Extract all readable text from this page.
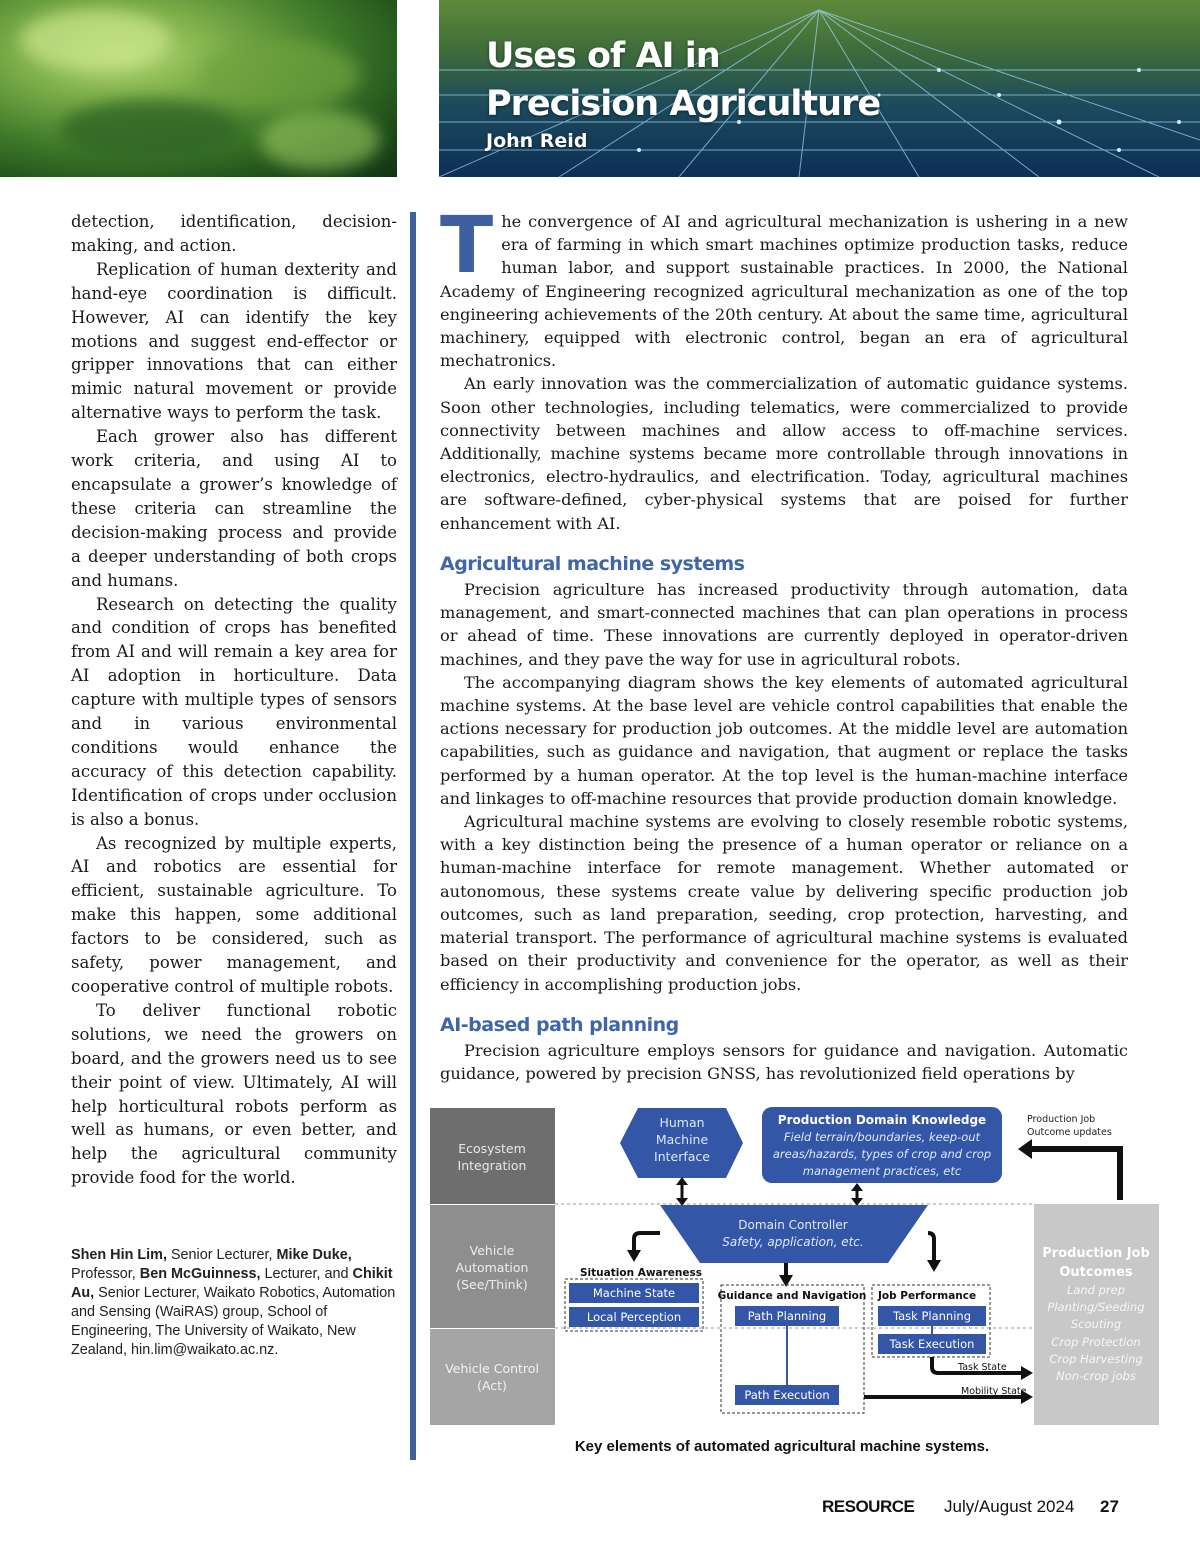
Uses of AI in
Precision Agriculture
John Reid

detection, identification, decision-making, and action.

Replication of human dexterity and hand-eye coordination is difficult. However, AI can identify the key motions and suggest end-effector or gripper innovations that can either mimic natural movement or provide alternative ways to perform the task.

Each grower also has different work criteria, and using AI to encapsulate a grower’s knowledge of these criteria can streamline the decision-making process and provide a deeper understanding of both crops and humans.

Research on detecting the quality and condition of crops has benefited from AI and will remain a key area for AI adoption in horticulture. Data capture with multiple types of sensors and in various environmental conditions would enhance the accuracy of this detection capability. Identification of crops under occlusion is also a bonus.

As recognized by multiple experts, AI and robotics are essential for efficient, sustainable agriculture. To make this happen, some additional factors to be considered, such as safety, power management, and cooperative control of multiple robots.

To deliver functional robotic solutions, we need the growers on board, and the growers need us to see their point of view. Ultimately, AI will help horticultural robots perform as well as humans, or even better, and help the agricultural community provide food for the world.

Shen Hin Lim, Senior Lecturer, Mike Duke, Professor, Ben McGuinness, Lecturer, and Chikit Au, Senior Lecturer, Waikato Robotics, Automation and Sensing (WaiRAS) group, School of Engineering, The University of Waikato, New Zealand, hin.lim@waikato.ac.nz.

The convergence of AI and agricultural mechanization is ushering in a new era of farming in which smart machines optimize production tasks, reduce human labor, and support sustainable practices. In 2000, the National Academy of Engineering recognized agricultural mechanization as one of the top engineering achievements of the 20th century. At about the same time, agricultural machinery, equipped with electronic control, began an era of agricultural mechatronics.

An early innovation was the commercialization of automatic guidance systems. Soon other technologies, including telematics, were commercialized to provide connectivity between machines and allow access to off-machine services. Additionally, machine systems became more controllable through innovations in electronics, electro-hydraulics, and electrification. Today, agricultural machines are software-defined, cyber-physical systems that are poised for further enhancement with AI.

Agricultural machine systems

Precision agriculture has increased productivity through automation, data management, and smart-connected machines that can plan operations in process or ahead of time. These innovations are currently deployed in operator-driven machines, and they pave the way for use in agricultural robots.

The accompanying diagram shows the key elements of automated agricultural machine systems. At the base level are vehicle control capabilities that enable the actions necessary for production job outcomes. At the middle level are automation capabilities, such as guidance and navigation, that augment or replace the tasks performed by a human operator. At the top level is the human-machine interface and linkages to off-machine resources that provide production domain knowledge.

Agricultural machine systems are evolving to closely resemble robotic systems, with a key distinction being the presence of a human operator or reliance on a human-machine interface for remote management. Whether automated or autonomous, these systems create value by delivering specific production job outcomes, such as land preparation, seeding, crop protection, harvesting, and material transport. The performance of agricultural machine systems is evaluated based on their productivity and convenience for the operator, as well as their efficiency in accomplishing production jobs.

AI-based path planning

Precision agriculture employs sensors for guidance and navigation. Automatic guidance, powered by precision GNSS, has revolutionized field operations by

Ecosystem
Integration
Vehicle
Automation
(See/Think)
Vehicle Control
(Act)
Human
Machine
Interface
Production Domain Knowledge
Field terrain/boundaries, keep-out
areas/hazards, types of crop and crop
management practices, etc
Production Job
Outcome updates
Domain Controller
Safety, application, etc.
Situation Awareness
Machine State
Local Perception
Guidance and Navigation
Path Planning
Path Execution
Job Performance
Task Planning
Task Execution
Task State
Mobility State
Production Job
Outcomes
Land prep
Planting/Seeding
Scouting
Crop Protection
Crop Harvesting
Non-crop jobs
Key elements of automated agricultural machine systems.
RESOURCE July/August 2024 27
